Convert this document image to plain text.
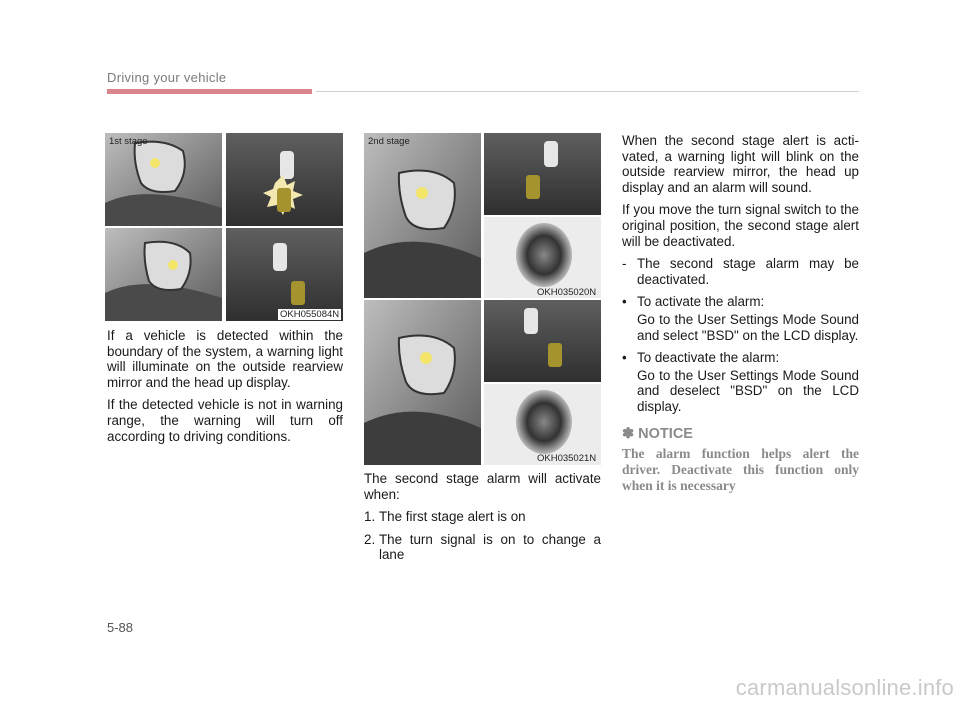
Driving your vehicle
1st stage
OKH055084N
2nd stage
OKH035020N
OKH035021N

If a vehicle is detected within the boundary of the system, a warning light will illuminate on the outside rearview mirror and the head up display.

If the detected vehicle is not in warning range, the warning will turn off according to driving conditions.

The second stage alarm will activate when:

1. The first stage alert is on
2. The turn signal is on to change a lane

When the second stage alert is activated, a warning light will blink on the outside rearview mirror, the head up display and an alarm will sound.

If you move the turn signal switch to the original position, the second stage alert will be deactivated.

- The second stage alarm may be deactivated.
• To activate the alarm:
Go to the User Settings Mode Sound and select "BSD" on the LCD display.
• To deactivate the alarm:
Go to the User Settings Mode Sound and deselect "BSD" on the LCD display.
✽ NOTICE

The alarm function helps alert the driver. Deactivate this function only when it is necessary

5-88
carmanualsonline.info
